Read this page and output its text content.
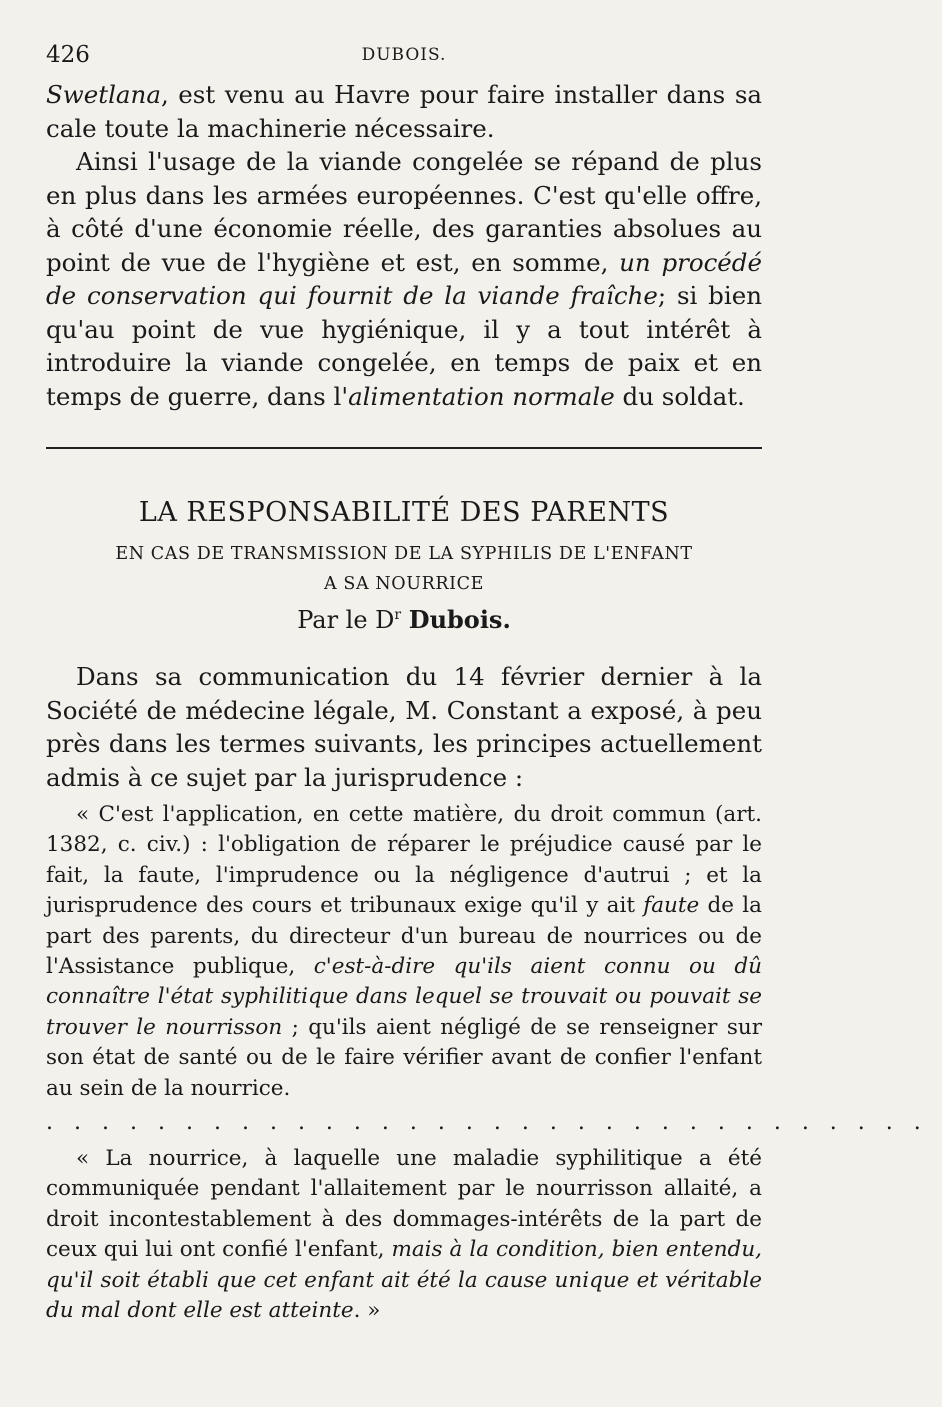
426	DUBOIS.

Swetlana, est venu au Havre pour faire installer dans sa cale toute la machinerie nécessaire.

Ainsi l'usage de la viande congelée se répand de plus en plus dans les armées européennes. C'est qu'elle offre, à côté d'une économie réelle, des garanties absolues au point de vue de l'hygiène et est, en somme, un procédé de conservation qui fournit de la viande fraîche; si bien qu'au point de vue hygiénique, il y a tout intérêt à introduire la viande congelée, en temps de paix et en temps de guerre, dans l'alimentation normale du soldat.

LA RESPONSABILITÉ DES PARENTS
EN CAS DE TRANSMISSION DE LA SYPHILIS DE L'ENFANT
A SA NOURRICE
Par le $D^r$ Dubois.

Dans sa communication du 14 février dernier à la Société de médecine légale, M. Constant a exposé, à peu près dans les termes suivants, les principes actuellement admis à ce sujet par la jurisprudence :

« C'est l'application, en cette matière, du droit commun (art. 1382, c. civ.) : l'obligation de réparer le préjudice causé par le fait, la faute, l'imprudence ou la négligence d'autrui ; et la jurisprudence des cours et tribunaux exige qu'il y ait faute de la part des parents, du directeur d'un bureau de nourrices ou de l'Assistance publique, c'est-à-dire qu'ils aient connu ou dû connaître l'état syphilitique dans lequel se trouvait ou pouvait se trouver le nourrisson ; qu'ils aient négligé de se renseigner sur son état de santé ou de le faire vérifier avant de confier l'enfant au sein de la nourrice.

................................

« La nourrice, à laquelle une maladie syphilitique a été communiquée pendant l'allaitement par le nourrisson allaité, a droit incontestablement à des dommages-intérêts de la part de ceux qui lui ont confié l'enfant, mais à la condition, bien entendu, qu'il soit établi que cet enfant ait été la cause unique et véritable du mal dont elle est atteinte. »
